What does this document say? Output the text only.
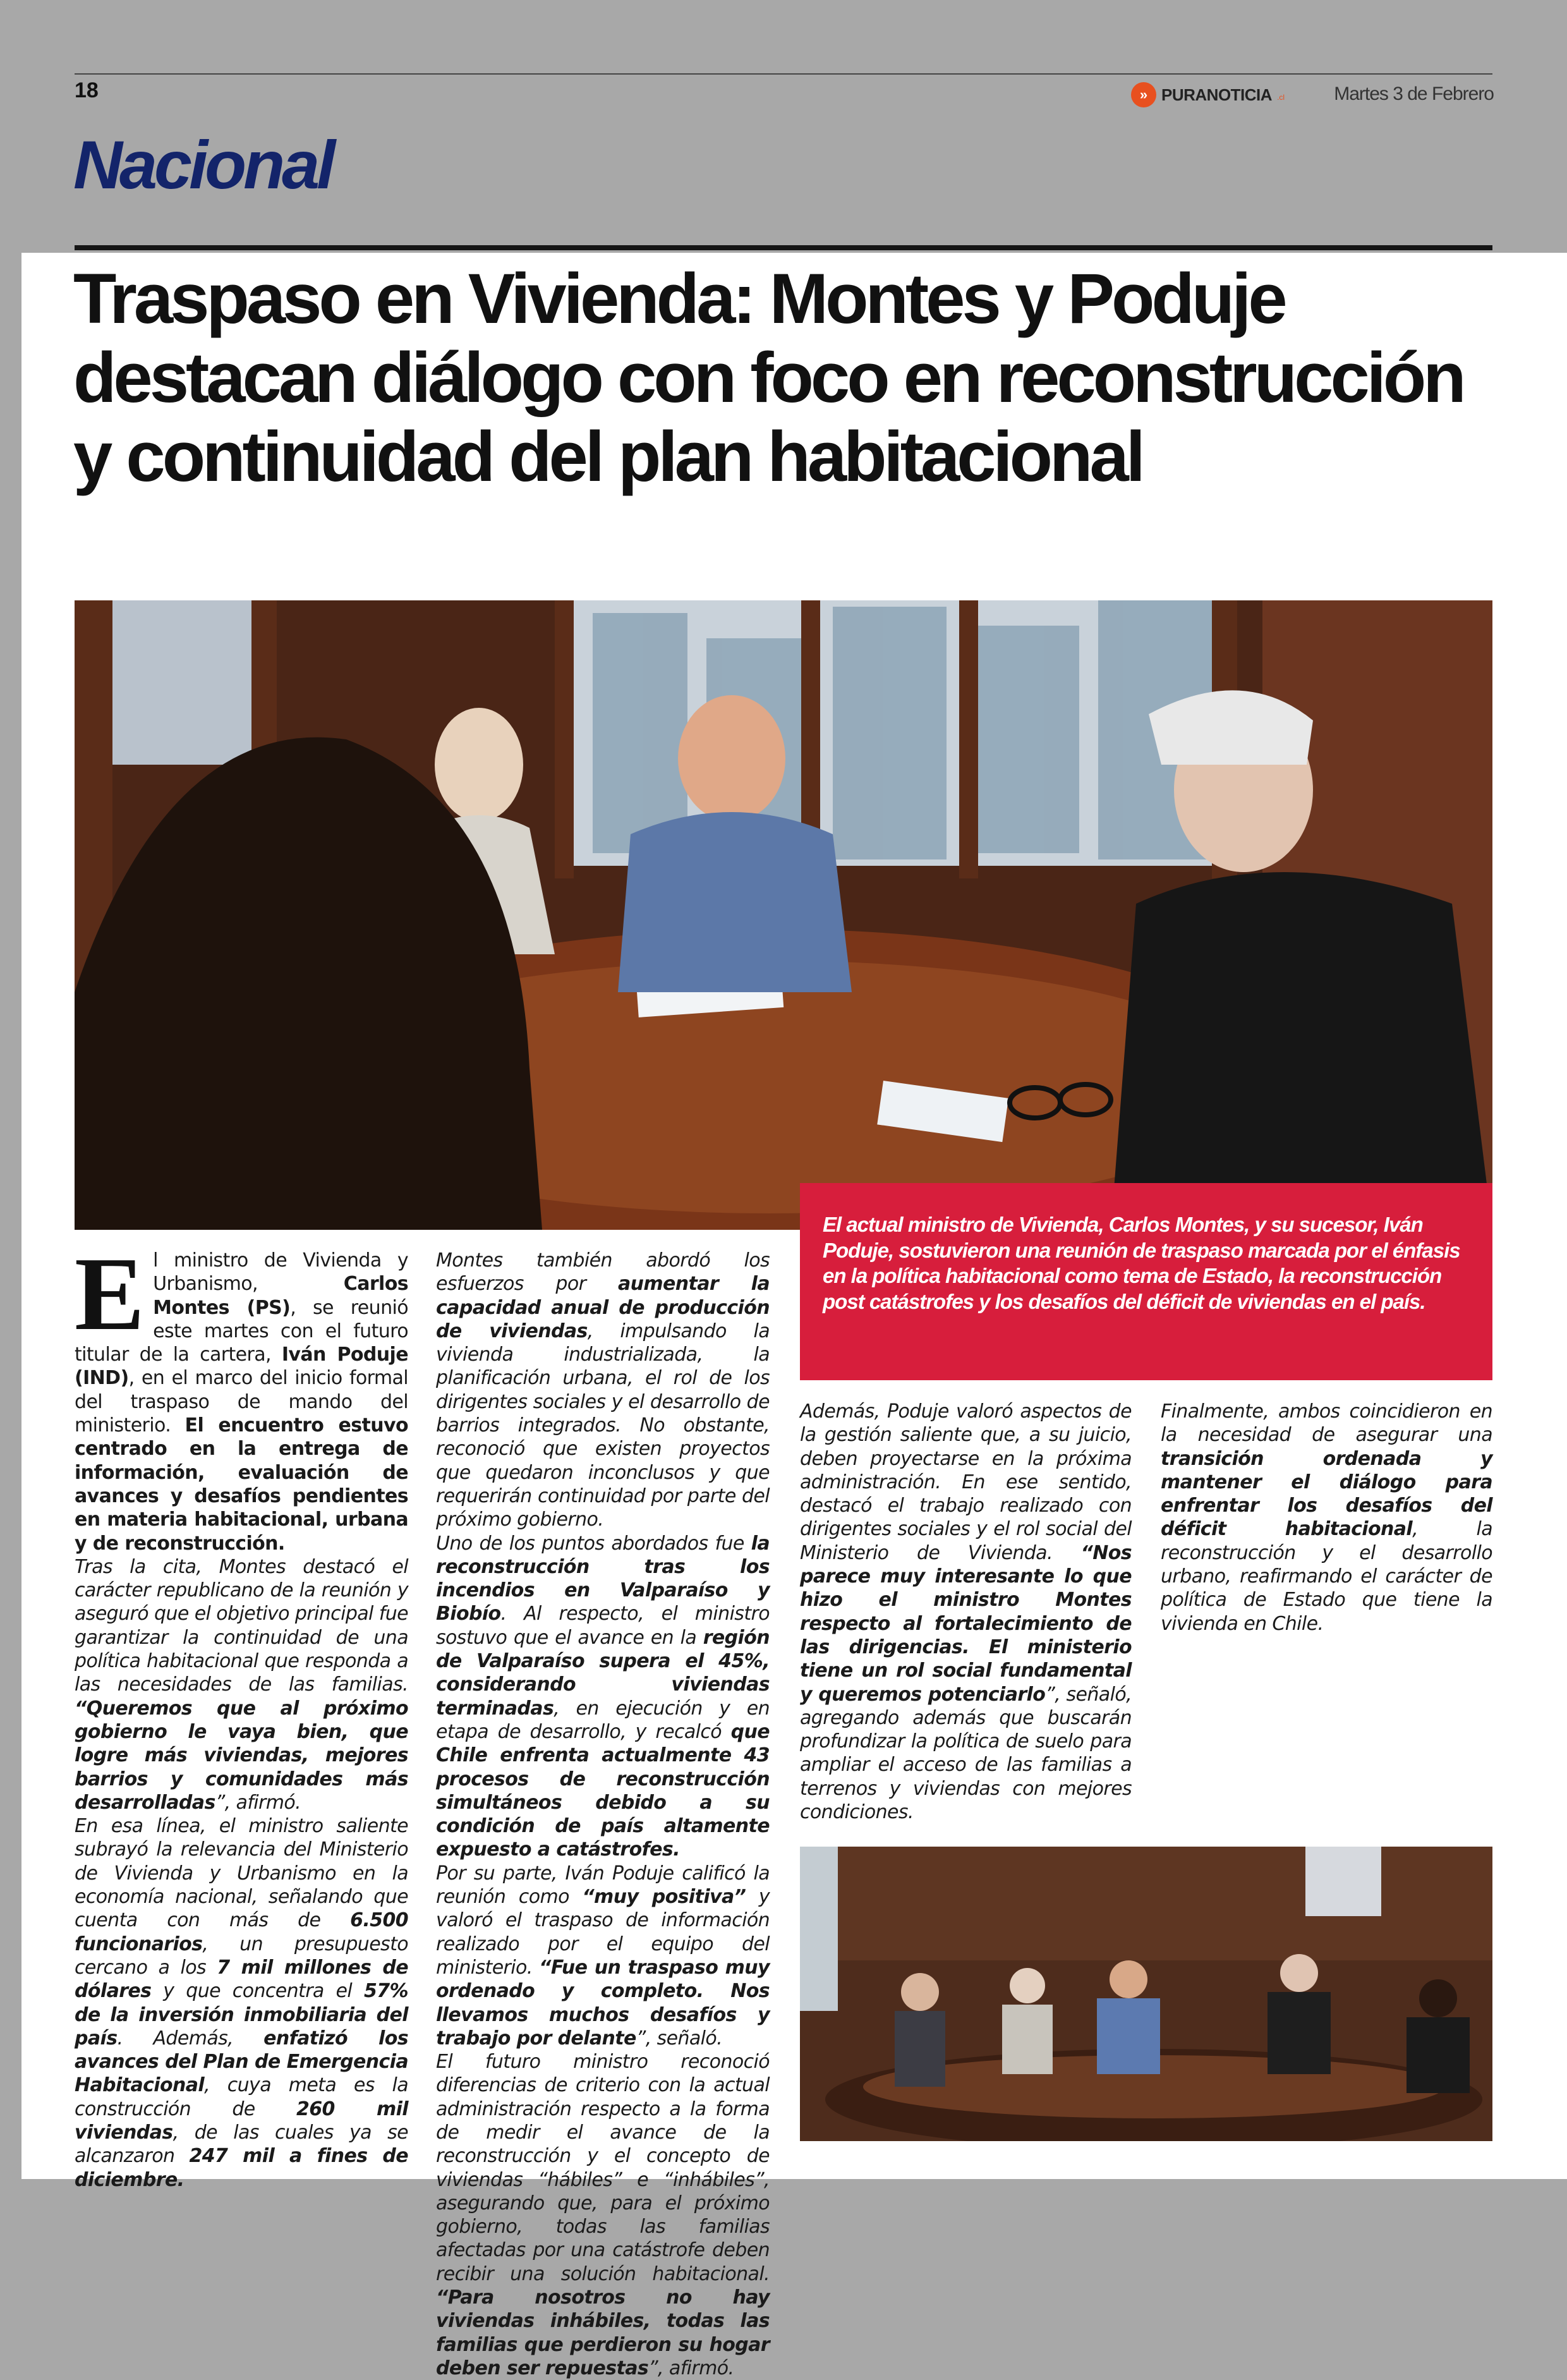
18	» PURANOTICIA .cl	Martes 3 de Febrero
Nacional
Traspaso en Vivienda: Montes y Poduje destacan diálogo con foco en reconstrucción y continuidad del plan habitacional
El actual ministro de Vivienda, Carlos Montes, y su sucesor, Iván Poduje, sostuvieron una reunión de traspaso marcada por el énfasis en la política habitacional como tema de Estado, la reconstrucción post catástrofes y los desafíos del déficit de viviendas en el país.

El ministro de Vivienda y Urbanismo, Carlos Montes (PS), se reunió este martes con el futuro titular de la cartera, Iván Poduje (IND), en el marco del inicio formal del traspaso de mando del ministerio. El encuentro estuvo centrado en la entrega de información, evaluación de avances y desafíos pendientes en materia habitacional, urbana y de reconstrucción.

Tras la cita, Montes destacó el carácter republicano de la reunión y aseguró que el objetivo principal fue garantizar la continuidad de una política habitacional que responda a las necesidades de las familias. “Queremos que al próximo gobierno le vaya bien, que logre más viviendas, mejores barrios y comunidades más desarrolladas”, afirmó.

En esa línea, el ministro saliente subrayó la relevancia del Ministerio de Vivienda y Urbanismo en la economía nacional, señalando que cuenta con más de 6.500 funcionarios, un presupuesto cercano a los 7 mil millones de dólares y que concentra el 57% de la inversión inmobiliaria del país. Además, enfatizó los avances del Plan de Emergencia Habitacional, cuya meta es la construcción de 260 mil viviendas, de las cuales ya se alcanzaron 247 mil a fines de diciembre.

Montes también abordó los esfuerzos por aumentar la capacidad anual de producción de viviendas, impulsando la vivienda industrializada, la planificación urbana, el rol de los dirigentes sociales y el desarrollo de barrios integrados. No obstante, reconoció que existen proyectos que quedaron inconclusos y que requerirán continuidad por parte del próximo gobierno.

Uno de los puntos abordados fue la reconstrucción tras los incendios en Valparaíso y Biobío. Al respecto, el ministro sostuvo que el avance en la región de Valparaíso supera el 45%, considerando viviendas terminadas, en ejecución y en etapa de desarrollo, y recalcó que Chile enfrenta actualmente 43 procesos de reconstrucción simultáneos debido a su condición de país altamente expuesto a catástrofes.

Por su parte, Iván Poduje calificó la reunión como “muy positiva” y valoró el traspaso de información realizado por el equipo del ministerio. “Fue un traspaso muy ordenado y completo. Nos llevamos muchos desafíos y trabajo por delante”, señaló.

El futuro ministro reconoció diferencias de criterio con la actual administración respecto a la forma de medir el avance de la reconstrucción y el concepto de viviendas “hábiles” e “inhábiles”, asegurando que, para el próximo gobierno, todas las familias afectadas por una catástrofe deben recibir una solución habitacional. “Para nosotros no hay viviendas inhábiles, todas las familias que perdieron su hogar deben ser repuestas”, afirmó.

Además, Poduje valoró aspectos de la gestión saliente que, a su juicio, deben proyectarse en la próxima administración. En ese sentido, destacó el trabajo realizado con dirigentes sociales y el rol social del Ministerio de Vivienda. “Nos parece muy interesante lo que hizo el ministro Montes respecto al fortalecimiento de las dirigencias. El ministerio tiene un rol social fundamental y queremos potenciarlo”, señaló, agregando además que buscarán profundizar la política de suelo para ampliar el acceso de las familias a terrenos y viviendas con mejores condiciones.

Finalmente, ambos coincidieron en la necesidad de asegurar una transición ordenada y mantener el diálogo para enfrentar los desafíos del déficit habitacional, la reconstrucción y el desarrollo urbano, reafirmando el carácter de política de Estado que tiene la vivienda en Chile.
